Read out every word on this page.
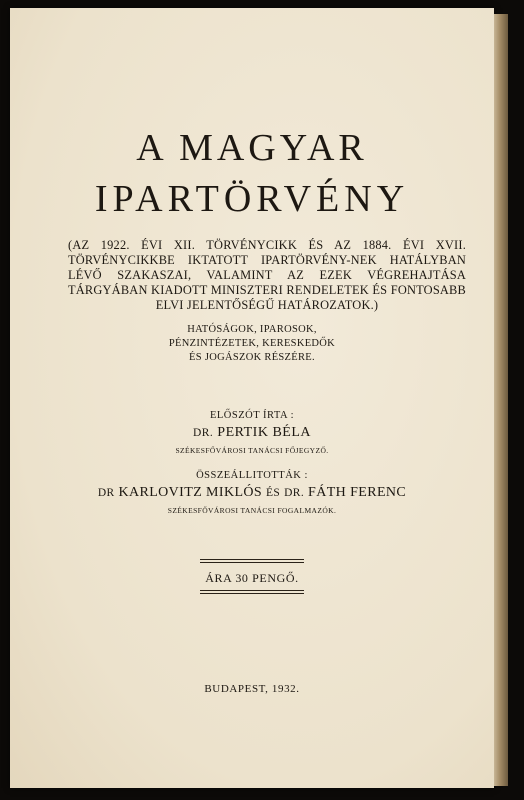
A MAGYAR
IPARTÖRVÉNY
(AZ 1922. ÉVI XII. TÖRVÉNYCIKK ÉS AZ 1884. ÉVI XVII. TÖRVÉNYCIKKBE IKTATOTT IPARTÖRVÉNY-NEK HATÁLYBAN LÉVŐ SZAKASZAI, VALAMINT AZ EZEK VÉGREHAJTÁSA TÁRGYÁBAN KIADOTT MINISZTERI RENDELETEK ÉS FONTOSABB ELVI JELENTŐSÉGŰ HATÁROZATOK.)
HATÓSÁGOK, IPAROSOK,
PÉNZINTÉZETEK, KERESKEDŐK
ÉS JOGÁSZOK RÉSZÉRE.
ELŐSZÓT ÍRTA :
DR. PERTIK BÉLA
SZÉKESFŐVÁROSI TANÁCSI FŐJEGYZŐ.
ÖSSZEÁLLITOTTÁK :
DR KARLOVITZ MIKLÓS ÉS DR. FÁTH FERENC
SZÉKESFŐVÁROSI TANÁCSI FOGALMAZÓK.
ÁRA 30 PENGŐ.
BUDAPEST, 1932.
